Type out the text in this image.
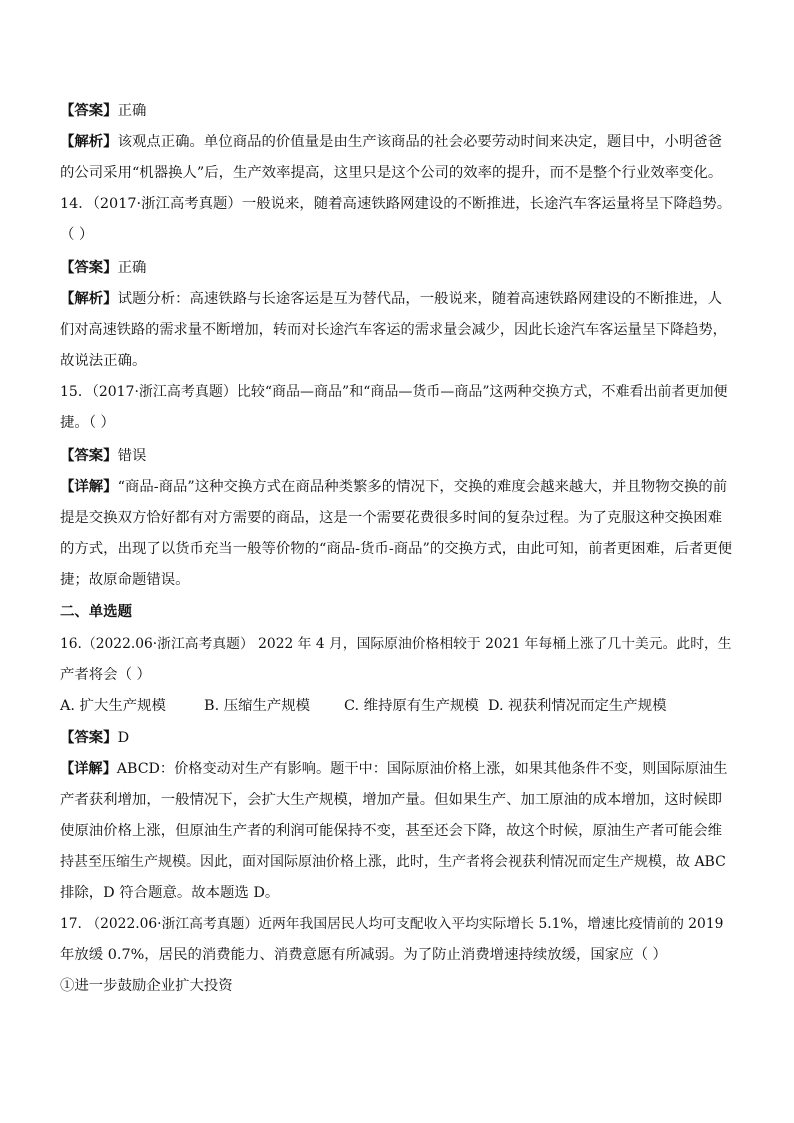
【答案】正确
【解析】该观点正确。单位商品的价值量是由生产该商品的社会必要劳动时间来决定，题目中，小明爸爸
的公司采用“机器换人”后，生产效率提高，这里只是这个公司的效率的提升，而不是整个行业效率变化。
14．（2017·浙江高考真题）一般说来，随着高速铁路网建设的不断推进，长途汽车客运量将呈下降趋势。
（ ）
【答案】正确
【解析】试题分析：高速铁路与长途客运是互为替代品，一般说来，随着高速铁路网建设的不断推进，人
们对高速铁路的需求量不断增加，转而对长途汽车客运的需求量会减少，因此长途汽车客运量呈下降趋势，
故说法正确。
15．（2017·浙江高考真题）比较“商品—商品”和“商品—货币—商品”这两种交换方式，不难看出前者更加便
捷。（ ）
【答案】错误
【详解】“商品-商品”这种交换方式在商品种类繁多的情况下，交换的难度会越来越大，并且物物交换的前
提是交换双方恰好都有对方需要的商品，这是一个需要花费很多时间的复杂过程。为了克服这种交换困难
的方式，出现了以货币充当一般等价物的“商品-货币-商品”的交换方式，由此可知，前者更困难，后者更便
捷；故原命题错误。
二、单选题
16.（2022.06·浙江高考真题） 2022 年 4 月，国际原油价格相较于 2021 年每桶上涨了几十美元。此时，生
产者将会（ ）
A. 扩大生产规模	B. 压缩生产规模 C. 维持原有生产规模 D. 视获利情况而定生产规模
【答案】D
【详解】ABCD：价格变动对生产有影响。题干中：国际原油价格上涨，如果其他条件不变，则国际原油生
产者获利增加，一般情况下，会扩大生产规模，增加产量。但如果生产、加工原油的成本增加，这时候即
使原油价格上涨，但原油生产者的利润可能保持不变，甚至还会下降，故这个时候，原油生产者可能会维
持甚至压缩生产规模。因此，面对国际原油价格上涨，此时，生产者将会视获利情况而定生产规模，故 ABC
排除，D 符合题意。故本题选 D。
17. （2022.06·浙江高考真题）近两年我国居民人均可支配收入平均实际增长 5.1%，增速比疫情前的 2019
年放缓 0.7%，居民的消费能力、消费意愿有所减弱。为了防止消费增速持续放缓，国家应（ ）
①进一步鼓励企业扩大投资
